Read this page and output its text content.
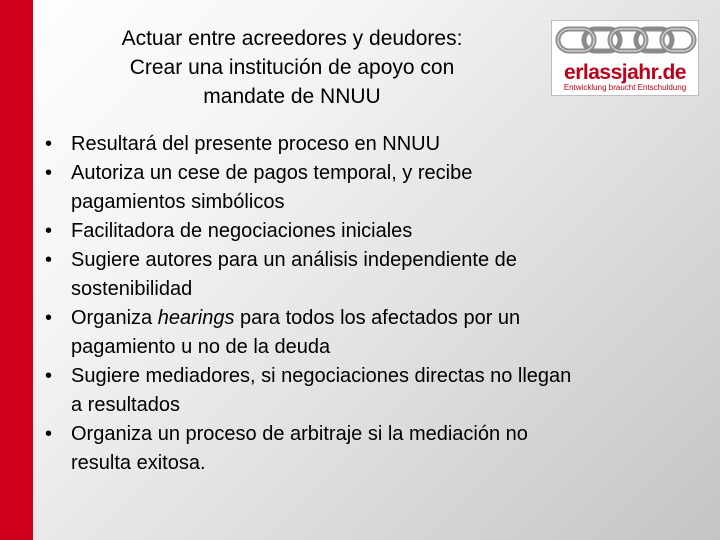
Actuar entre acreedores y deudores:
Crear una institución de apoyo con
mandate de NNUU
erlassjahr.de
Entwicklung braucht Entschuldung
• Resultará del presente proceso en NNUU
• Autoriza un cese de pagos temporal, y recibe
pagamientos simbólicos
• Facilitadora de negociaciones iniciales
• Sugiere autores para un análisis independiente de
sostenibilidad
• Organiza hearings para todos los afectados por un
pagamiento u no de la deuda
• Sugiere mediadores, si negociaciones directas no llegan
a resultados
• Organiza un proceso de arbitraje si la mediación no
resulta exitosa.
